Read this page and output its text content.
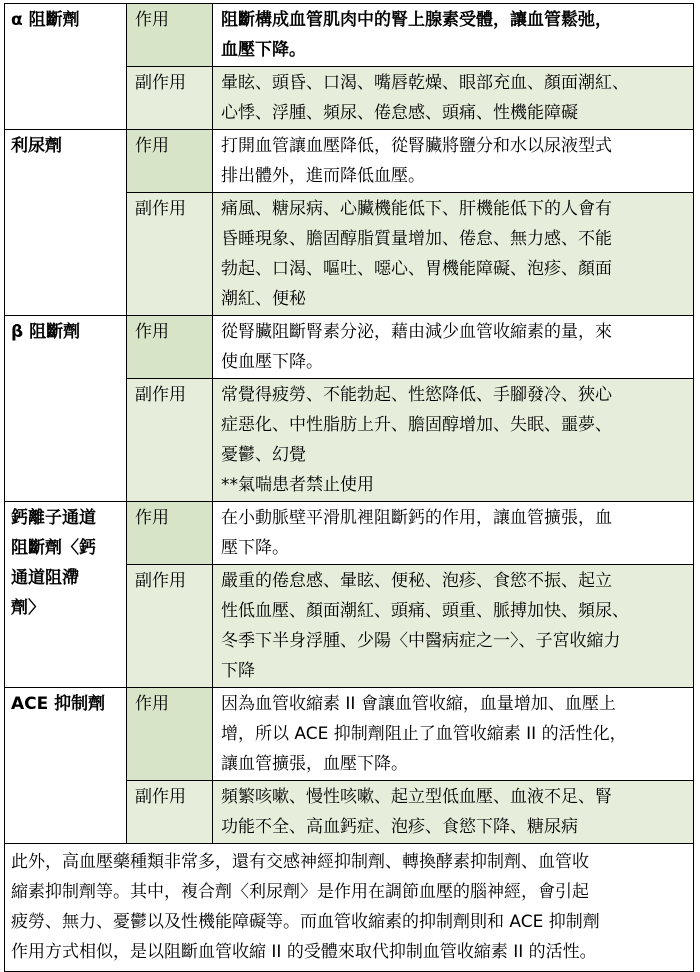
α 阻斷劑	作用	阻斷構成血管肌肉中的腎上腺素受體，讓血管鬆弛，
血壓下降。

	副作用	暈眩、頭昏、口渴、嘴唇乾燥、眼部充血、顏面潮紅、
心悸、浮腫、頻尿、倦怠感、頭痛、性機能障礙

利尿劑	作用	打開血管讓血壓降低，從腎臟將鹽分和水以尿液型式
排出體外，進而降低血壓。

	副作用	痛風、糖尿病、心臟機能低下、肝機能低下的人會有
昏睡現象、膽固醇脂質量增加、倦怠、無力感、不能
勃起、口渴、嘔吐、噁心、胃機能障礙、泡疹、顏面
潮紅、便秘

β 阻斷劑	作用	從腎臟阻斷腎素分泌，藉由減少血管收縮素的量，來
使血壓下降。

	副作用	常覺得疲勞、不能勃起、性慾降低、手腳發冷、狹心
症惡化、中性脂肪上升、膽固醇增加、失眠、噩夢、
憂鬱、幻覺
**氣喘患者禁止使用

鈣離子通道
阻斷劑〈鈣
通道阻滯
劑〉	作用	在小動脈壁平滑肌裡阻斷鈣的作用，讓血管擴張，血
壓下降。

	副作用	嚴重的倦怠感、暈眩、便秘、泡疹、食慾不振、起立
性低血壓、顏面潮紅、頭痛、頭重、脈搏加快、頻尿、
冬季下半身浮腫、少陽〈中醫病症之一〉、子宮收縮力
下降

ACE 抑制劑	作用	因為血管收縮素 II 會讓血管收縮，血量增加、血壓上
增，所以 ACE 抑制劑阻止了血管收縮素 II 的活性化，
讓血管擴張，血壓下降。

	副作用	頻繁咳嗽、慢性咳嗽、起立型低血壓、血液不足、腎
功能不全、高血鈣症、泡疹、食慾下降、糖尿病

此外，高血壓藥種類非常多，還有交感神經抑制劑、轉換酵素抑制劑、血管收
縮素抑制劑等。其中，複合劑〈利尿劑〉是作用在調節血壓的腦神經，會引起
疲勞、無力、憂鬱以及性機能障礙等。而血管收縮素的抑制劑則和 ACE 抑制劑
作用方式相似，是以阻斷血管收縮 II 的受體來取代抑制血管收縮素 II 的活性。		
